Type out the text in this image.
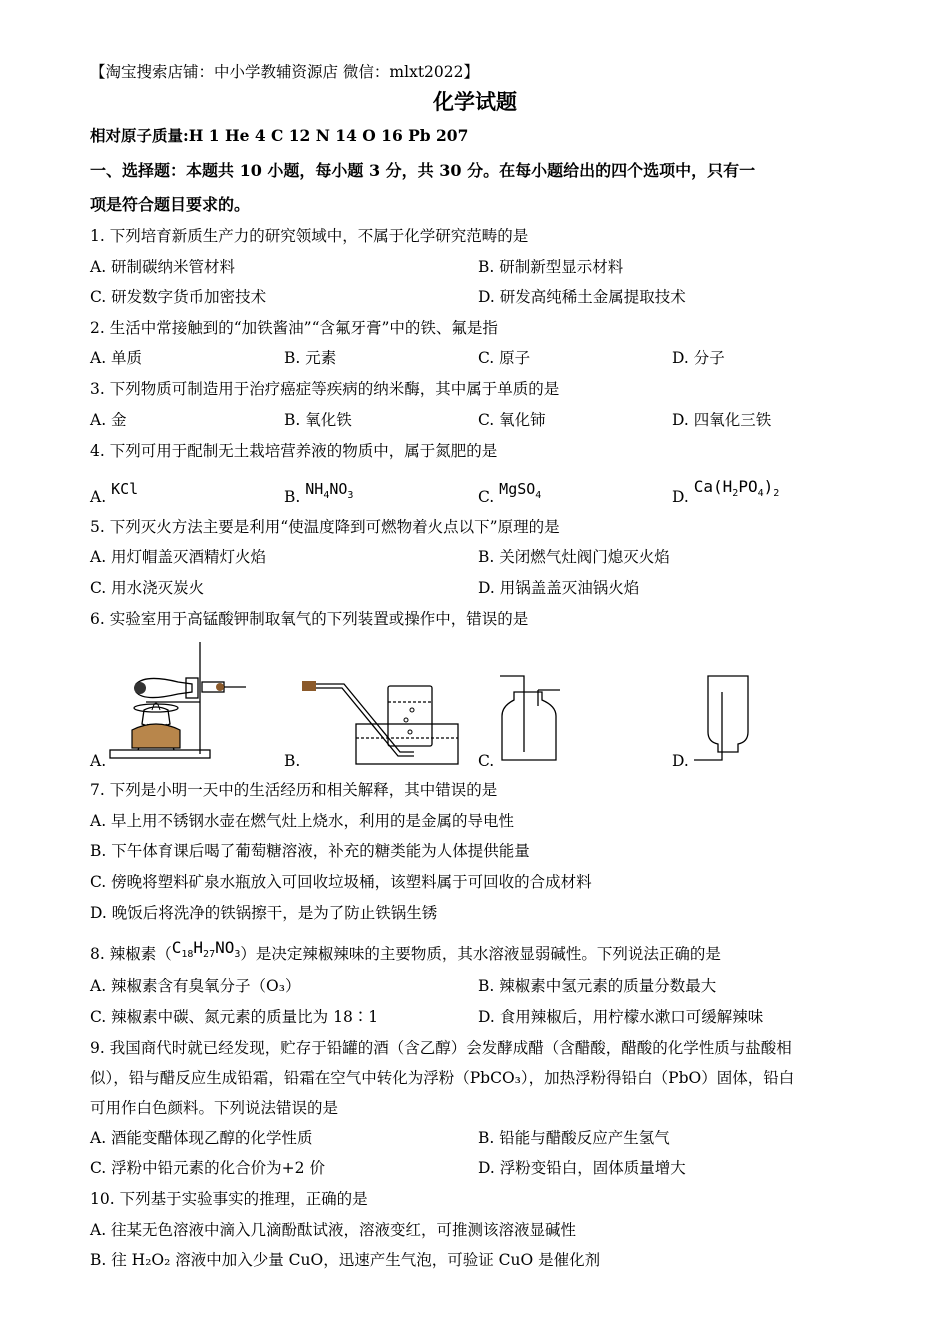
【淘宝搜索店铺：中小学教辅资源店 微信：mlxt2022】
化学试题
相对原子质量:H 1 He 4 C 12 N 14 O 16 Pb 207
一、选择题：本题共 10 小题，每小题 3 分，共 30 分。在每小题给出的四个选项中，只有一
项是符合题目要求的。
1. 下列培育新质生产力的研究领域中，不属于化学研究范畴的是
A. 研制碳纳米管材料	B. 研制新型显示材料
C. 研发数字货币加密技术	D. 研发高纯稀土金属提取技术
2. 生活中常接触到的“加铁酱油”“含氟牙膏”中的铁、氟是指
A. 单质	B. 元素	C. 原子	D. 分子
3. 下列物质可制造用于治疗癌症等疾病的纳米酶，其中属于单质的是
A. 金	B. 氧化铁	C. 氧化铈	D. 四氧化三铁
4. 下列可用于配制无土栽培营养液的物质中，属于氮肥的是
A. KCl	B. $NH_4NO_3$	C. MgSO$_4$	D. $Ca(H_2PO_4)_2$
5. 下列灭火方法主要是利用“使温度降到可燃物着火点以下”原理的是
A. 用灯帽盖灭酒精灯火焰	B. 关闭燃气灶阀门熄灭火焰
C. 用水浇灭炭火	D. 用锅盖盖灭油锅火焰
6. 实验室用于高锰酸钾制取氧气的下列装置或操作中，错误的是
A.	B.	C.	D.
7. 下列是小明一天中的生活经历和相关解释，其中错误的是
A. 早上用不锈钢水壶在燃气灶上烧水，利用的是金属的导电性
B. 下午体育课后喝了葡萄糖溶液，补充的糖类能为人体提供能量
C. 傍晚将塑料矿泉水瓶放入可回收垃圾桶，该塑料属于可回收的合成材料
D. 晚饭后将洗净的铁锅擦干，是为了防止铁锅生锈
8. 辣椒素$(C_{18}H_{27}NO_3)$是决定辣椒辣味的主要物质，其水溶液显弱碱性。下列说法正确的是
A. 辣椒素含有臭氧分子（O₃）	B. 辣椒素中氢元素的质量分数最大
C. 辣椒素中碳、氮元素的质量比为 18∶1	D. 食用辣椒后，用柠檬水漱口可缓解辣味
9. 我国商代时就已经发现，贮存于铅罐的酒（含乙醇）会发酵成醋（含醋酸，醋酸的化学性质与盐酸相
似），铅与醋反应生成铅霜，铅霜在空气中转化为浮粉（PbCO₃），加热浮粉得铅白（PbO）固体，铅白
可用作白色颜料。下列说法错误的是
A. 酒能变醋体现乙醇的化学性质	B. 铅能与醋酸反应产生氢气
C. 浮粉中铅元素的化合价为+2 价	D. 浮粉变铅白，固体质量增大
10. 下列基于实验事实的推理，正确的是
A. 往某无色溶液中滴入几滴酚酞试液，溶液变红，可推测该溶液显碱性
B. 往 H₂O₂ 溶液中加入少量 CuO，迅速产生气泡，可验证 CuO 是催化剂
